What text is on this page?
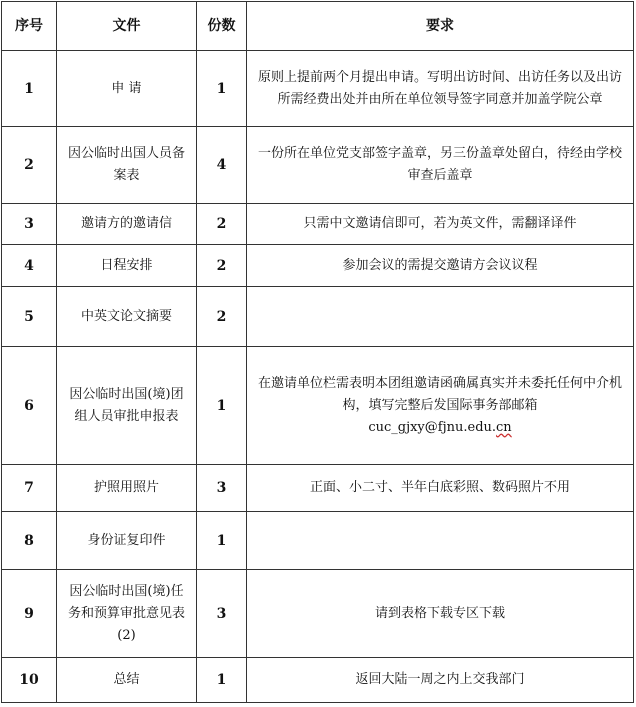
序号	文件	份数	要求
1	申 请	1	原则上提前两个月提出申请。写明出访时间、出访任务以及出访所需经费出处并由所在单位领导签字同意并加盖学院公章
2	因公临时出国人员备案表	4	一份所在单位党支部签字盖章，另三份盖章处留白，待经由学校审查后盖章
3	邀请方的邀请信	2	只需中文邀请信即可，若为英文件，需翻译译件
4	日程安排	2	参加会议的需提交邀请方会议议程
5	中英文论文摘要	2	
6	因公临时出国(境)团组人员审批申报表	1	在邀请单位栏需表明本团组邀请函确属真实并未委托任何中介机构，填写完整后发国际事务部邮箱
cuc_gjxy@fjnu.edu.cn
7	护照用照片	3	正面、小二寸、半年白底彩照、数码照片不用
8	身份证复印件	1	
9	因公临时出国(境)任务和预算审批意见表(2)	3	请到表格下载专区下载
10	总结	1	返回大陆一周之内上交我部门
